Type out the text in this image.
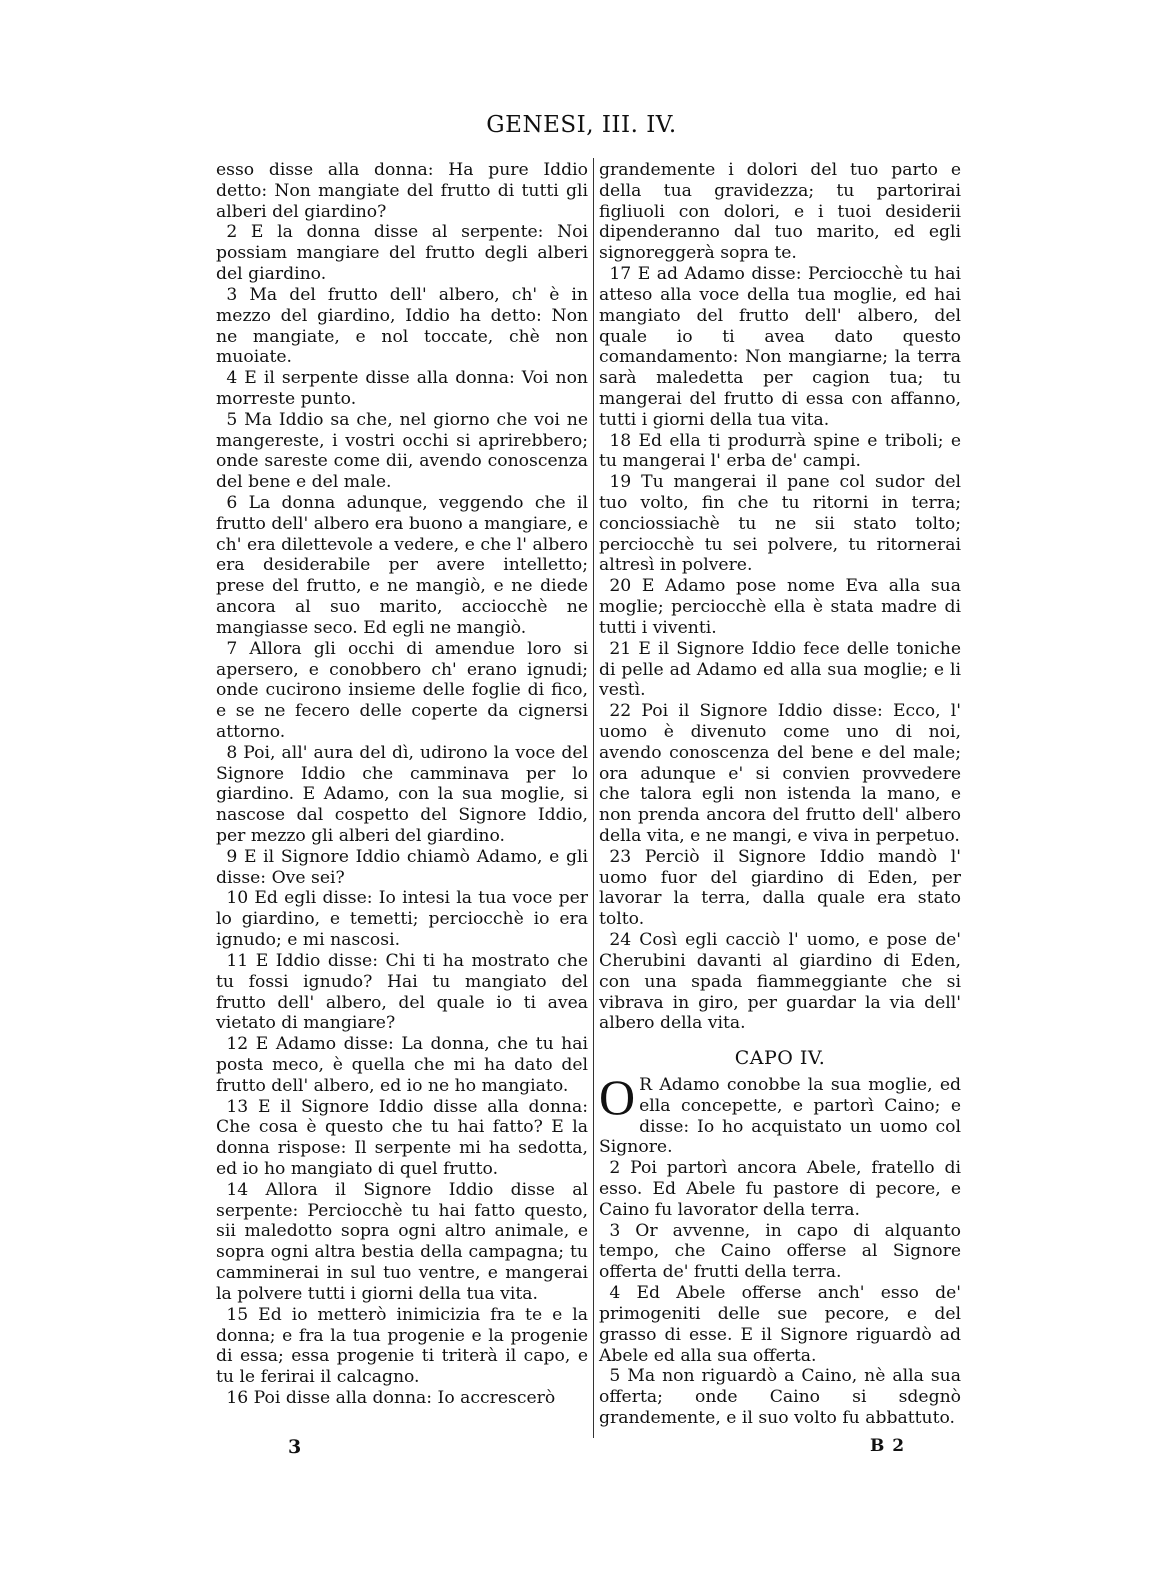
GENESI, III. IV.

esso disse alla donna: Ha pure Iddio detto: Non mangiate del frutto di tutti gli alberi del giardino?

2 E la donna disse al serpente: Noi possiam mangiare del frutto degli alberi del giardino.

3 Ma del frutto dell' albero, ch' è in mezzo del giardino, Iddio ha detto: Non ne mangiate, e nol toccate, chè non muoiate.

4 E il serpente disse alla donna: Voi non morreste punto.

5 Ma Iddio sa che, nel giorno che voi ne mangereste, i vostri occhi si aprirebbero; onde sareste come dii, avendo conoscenza del bene e del male.

6 La donna adunque, veggendo che il frutto dell' albero era buono a mangiare, e ch' era dilettevole a vedere, e che l' albero era desiderabile per avere intelletto; prese del frutto, e ne mangiò, e ne diede ancora al suo marito, acciocchè ne mangiasse seco. Ed egli ne mangiò.

7 Allora gli occhi di amendue loro si apersero, e conobbero ch' erano ignudi; onde cucirono insieme delle foglie di fico, e se ne fecero delle coperte da cignersi attorno.

8 Poi, all' aura del dì, udirono la voce del Signore Iddio che camminava per lo giardino. E Adamo, con la sua moglie, si nascose dal cospetto del Signore Iddio, per mezzo gli alberi del giardino.

9 E il Signore Iddio chiamò Adamo, e gli disse: Ove sei?

10 Ed egli disse: Io intesi la tua voce per lo giardino, e temetti; perciocchè io era ignudo; e mi nascosi.

11 E Iddio disse: Chi ti ha mostrato che tu fossi ignudo? Hai tu mangiato del frutto dell' albero, del quale io ti avea vietato di mangiare?

12 E Adamo disse: La donna, che tu hai posta meco, è quella che mi ha dato del frutto dell' albero, ed io ne ho mangiato.

13 E il Signore Iddio disse alla donna: Che cosa è questo che tu hai fatto? E la donna rispose: Il serpente mi ha sedotta, ed io ho mangiato di quel frutto.

14 Allora il Signore Iddio disse al serpente: Perciocchè tu hai fatto questo, sii maledotto sopra ogni altro animale, e sopra ogni altra bestia della campagna; tu camminerai in sul tuo ventre, e mangerai la polvere tutti i giorni della tua vita.

15 Ed io metterò inimicizia fra te e la donna; e fra la tua progenie e la progenie di essa; essa progenie ti triterà il capo, e tu le ferirai il calcagno.

16 Poi disse alla donna: Io accrescerò

grandemente i dolori del tuo parto e della tua gravidezza; tu partorirai figliuoli con dolori, e i tuoi desiderii dipenderanno dal tuo marito, ed egli signoreggerà sopra te.

17 E ad Adamo disse: Perciocchè tu hai atteso alla voce della tua moglie, ed hai mangiato del frutto dell' albero, del quale io ti avea dato questo comandamento: Non mangiarne; la terra sarà maledetta per cagion tua; tu mangerai del frutto di essa con affanno, tutti i giorni della tua vita.

18 Ed ella ti produrrà spine e triboli; e tu mangerai l' erba de' campi.

19 Tu mangerai il pane col sudor del tuo volto, fin che tu ritorni in terra; conciossiachè tu ne sii stato tolto; perciocchè tu sei polvere, tu ritornerai altresì in polvere.

20 E Adamo pose nome Eva alla sua moglie; perciocchè ella è stata madre di tutti i viventi.

21 E il Signore Iddio fece delle toniche di pelle ad Adamo ed alla sua moglie; e li vestì.

22 Poi il Signore Iddio disse: Ecco, l' uomo è divenuto come uno di noi, avendo conoscenza del bene e del male; ora adunque e' si convien provvedere che talora egli non istenda la mano, e non prenda ancora del frutto dell' albero della vita, e ne mangi, e viva in perpetuo.

23 Perciò il Signore Iddio mandò l' uomo fuor del giardino di Eden, per lavorar la terra, dalla quale era stato tolto.

24 Così egli cacciò l' uomo, e pose de' Cherubini davanti al giardino di Eden, con una spada fiammeggiante che si vibrava in giro, per guardar la via dell' albero della vita.

CAPO IV.

O R Adamo conobbe la sua moglie, ed ella concepette, e partorì Caino; e disse: Io ho acquistato un uomo col Signore.

2 Poi partorì ancora Abele, fratello di esso. Ed Abele fu pastore di pecore, e Caino fu lavorator della terra.

3 Or avvenne, in capo di alquanto tempo, che Caino offerse al Signore offerta de' frutti della terra.

4 Ed Abele offerse anch' esso de' primogeniti delle sue pecore, e del grasso di esse. E il Signore riguardò ad Abele ed alla sua offerta.

5 Ma non riguardò a Caino, nè alla sua offerta; onde Caino si sdegnò grandemente, e il suo volto fu abbattuto.

3	B 2
